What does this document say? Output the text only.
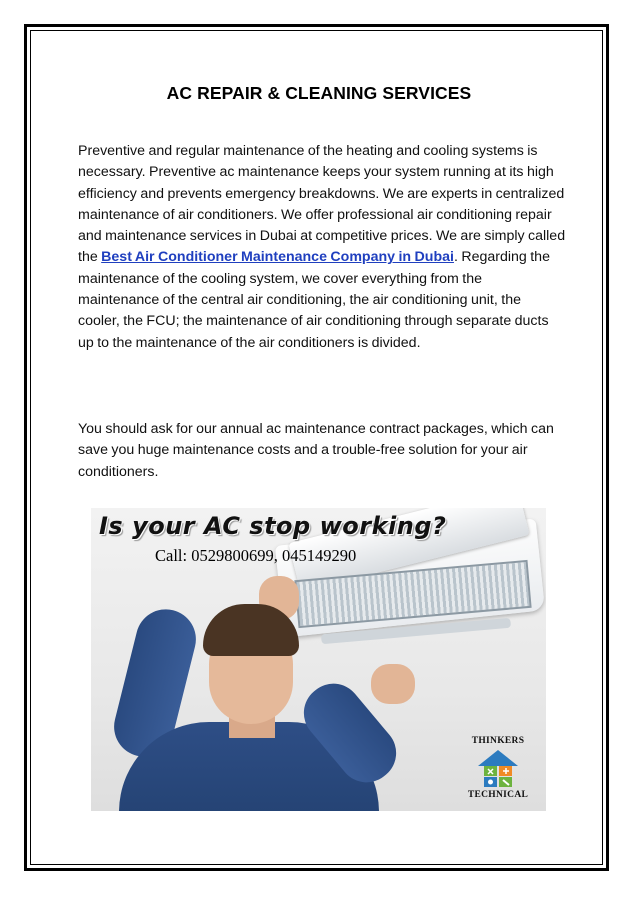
AC REPAIR & CLEANING SERVICES

Preventive and regular maintenance of the heating and cooling systems is necessary. Preventive ac maintenance keeps your system running at its high efficiency and prevents emergency breakdowns. We are experts in centralized maintenance of air conditioners. We offer professional air conditioning repair and maintenance services in Dubai at competitive prices. We are simply called the Best Air Conditioner Maintenance Company in Dubai. Regarding the maintenance of the cooling system, we cover everything from the maintenance of the central air conditioning, the air conditioning unit, the cooler, the FCU; the maintenance of air conditioning through separate ducts up to the maintenance of the air conditioners is divided.

You should ask for our annual ac maintenance contract packages, which can save you huge maintenance costs and a trouble-free solution for your air conditioners.

Is your AC stop working?
Call: 0529800699, 045149290
THINKERS
TECHNICAL
